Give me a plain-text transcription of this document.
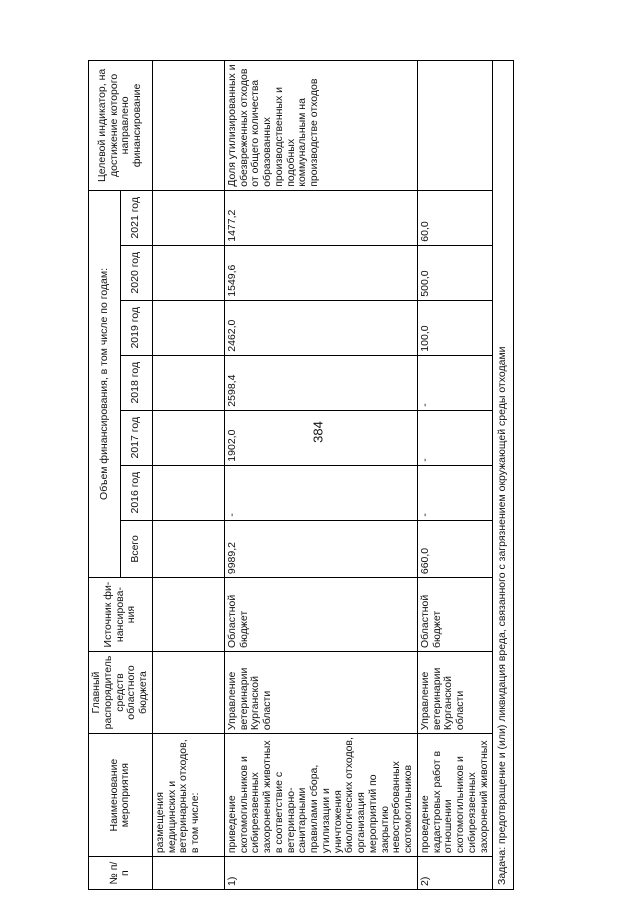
384
№ п/п	Наименование мероприятия	Главный распорядитель средств областного бюджета	Источник фи-нансирова-ния	Объем финансирования, в том числе по годам:							Целевой индикатор, на достижение которого направлено финансирование
				Всего	2016 год	2017 год	2018 год	2019 год	2020 год	2021 год	
	размещения медицинских и ветеринарных отходов, в том числе:										
1)	приведение скотомогильников и сибиреязвенных захоронений животных в соответствие с ветеринарно-санитарными правилами сбора, утилизации и уничтожения биологических отходов, организация мероприятий по закрытию невостребованных скотомогильников	Управление ветеринарии Курганской области	Областной бюджет	9989,2	-	1902,0	2598,4	2462,0	1549,6	1477,2	Доля утилизированных и обезвреженных отходов от общего количества образованных производственных и подобных коммунальным на производстве отходов
2)	проведение кадастровых работ в отношении скотомогильников и сибиреязвенных захоронений животных	Управление ветеринарии Курганской области	Областной бюджет	660,0	-	-	-	100,0	500,0	60,0	
Задача: предотвращение и (или) ликвидация вреда, связанного с загрязнением окружающей среды отходами											
